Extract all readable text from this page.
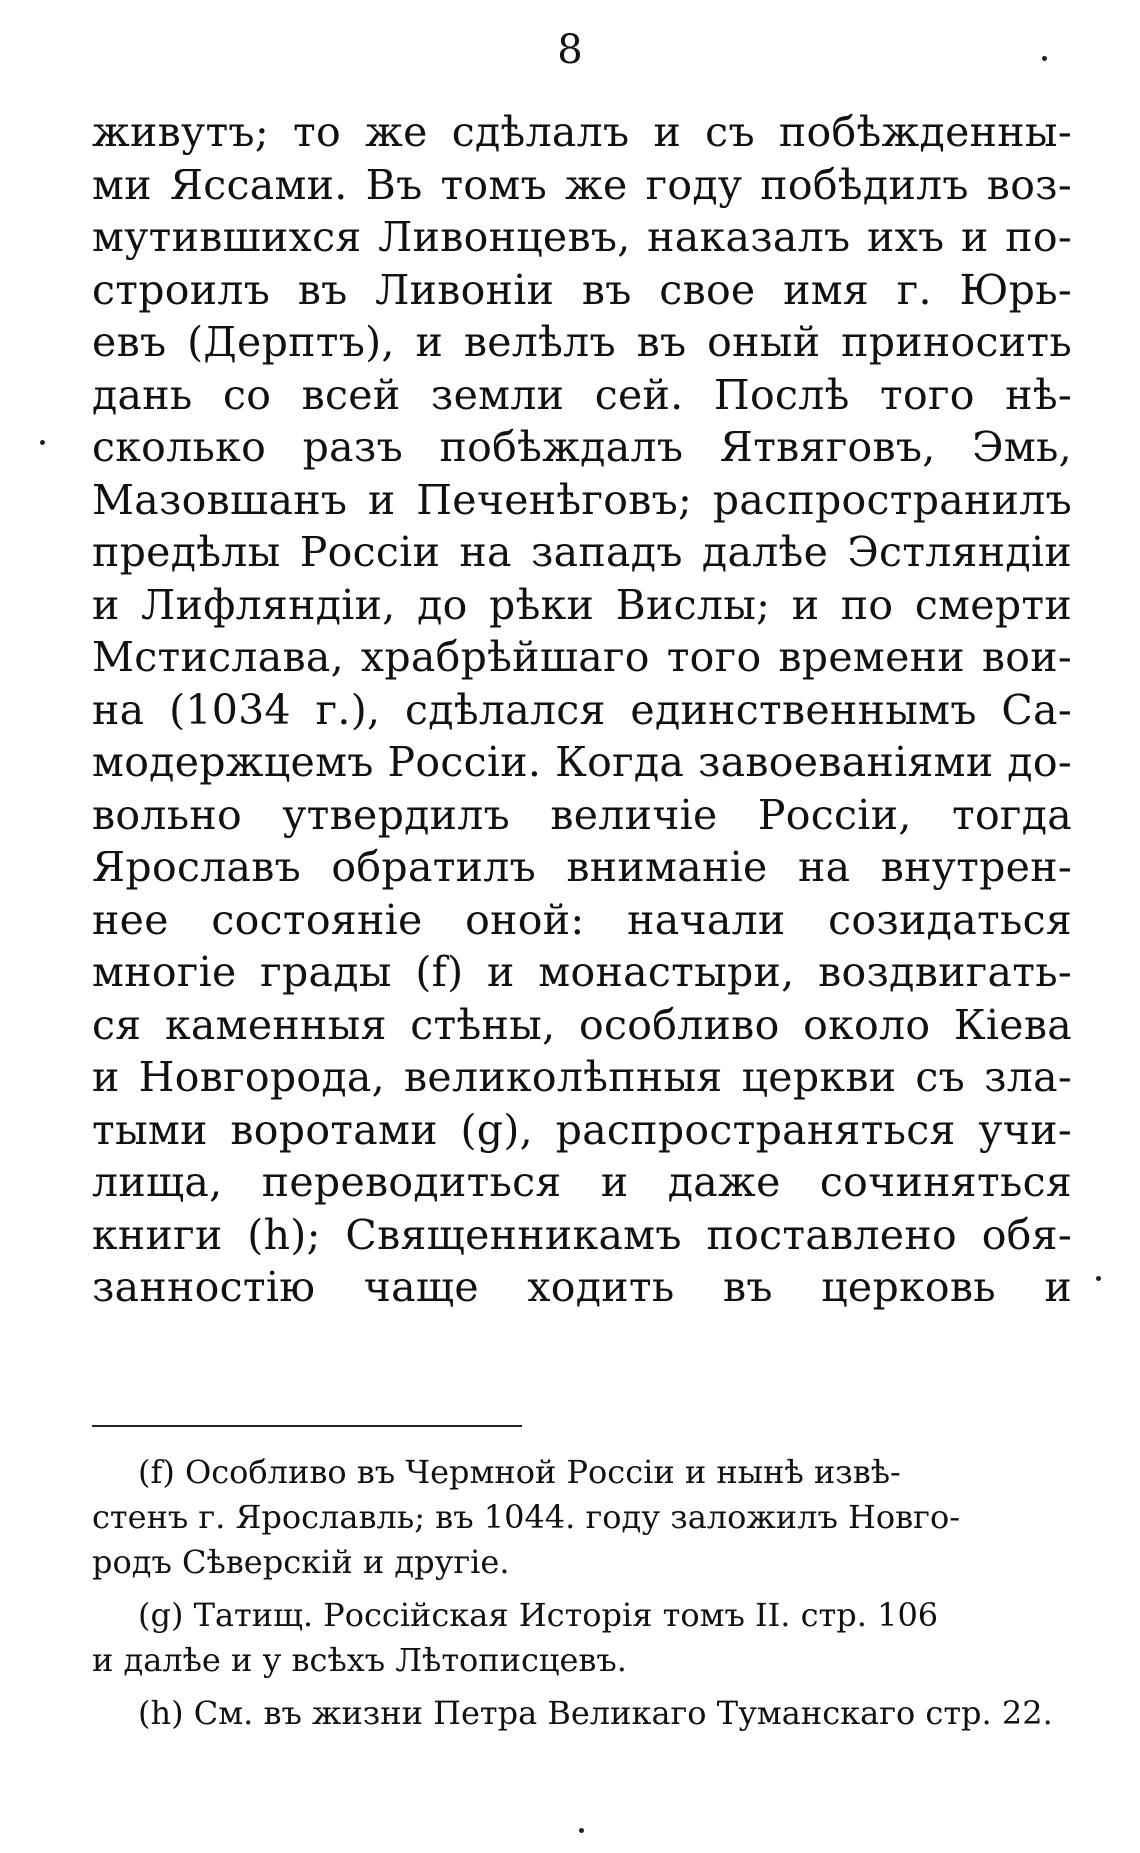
8
живутъ; то же сдѣлалъ и съ побѣжденны-
ми Ясcами. Въ томъ же году побѣдилъ воз-
мутившихся Ливонцевъ, наказалъ ихъ и по-
строилъ въ Ливоніи въ свое имя г. Юрь-
евъ (Дерптъ), и велѣлъ въ оный приносить
дань со всей земли сей. Послѣ того нѣ-
сколько разъ побѣждалъ Ятвяговъ, Эмь,
Мазовшанъ и Печенѣговъ; распространилъ
предѣлы Россіи на западъ далѣе Эстляндіи
и Лифляндіи, до рѣки Вислы; и по смерти
Мстислава, храбрѣйшаго того времени вои-
на (1034 г.), сдѣлался единственнымъ Са-
модержцемъ Россіи. Когда завоеваніями до-
вольно утвердилъ величіе Россіи, тогда
Ярославъ обратилъ вниманіе на внутрен-
нее состояніе оной: начали созидаться
многіе грады (f) и монастыри, воздвигать-
ся каменныя стѣны, особливо около Кіева
и Новгорода, великолѣпныя церкви съ зла-
тыми воротами (g), распространяться учи-
лища, переводиться и даже сочиняться
книги (h); Священникамъ поставлено обя-
занностію чаще ходить въ церковь и
(f) Особливо въ Чермной Россіи и нынѣ извѣ-
стенъ г. Ярославль; въ 1044. году заложилъ Новго-
родъ Сѣверскій и другіе.
(g) Татищ. Россійская Исторія томъ II. стр. 106
и далѣе и у всѣхъ Лѣтописцевъ.
(h) См. въ жизни Петра Великаго Туманскаго стр. 22.
